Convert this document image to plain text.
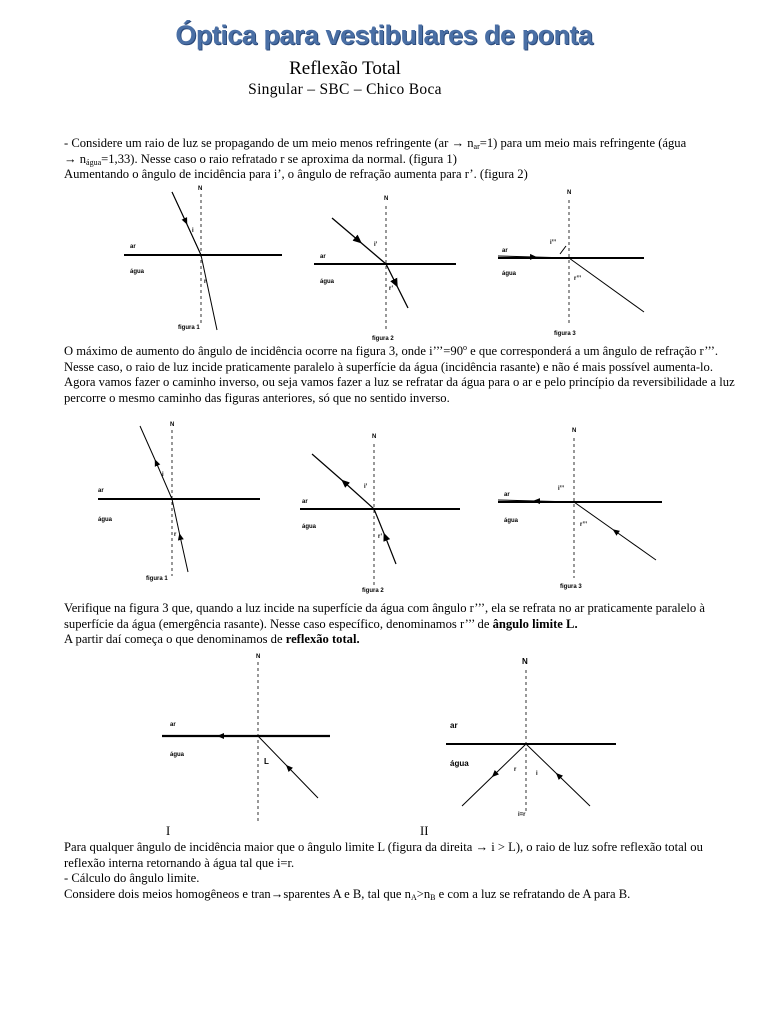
Óptica para vestibulares de ponta
Reflexão Total
Singular – SBC – Chico Boca
- Considere um raio de luz se propagando de um meio menos refringente $(ar \to n_{ar}=1)$ para um meio mais refringente (água
→ $n_{água}=1,33$). Nesse caso o raio refratado r se aproxima da normal. (figura 1)
Aumentando o ângulo de incidência para i’, o ângulo de refração aumenta para r’. (figura 2)
N
ar
água
i
r
figura 1
N
ar
água
i’
r’
figura 2
N
ar
água
i’’’
r’’’
figura 3
O máximo de aumento do ângulo de incidência ocorre na figura 3, onde $i’’’=90^o$ e que corresponderá a um ângulo de refração r’’’. Nesse caso, o raio de luz incide praticamente paralelo à superfície da água (incidência rasante) e não é mais possível aumenta-lo.
Agora vamos fazer o caminho inverso, ou seja vamos fazer a luz se refratar da água para o ar e pelo princípio da reversibilidade a luz percorre o mesmo caminho das figuras anteriores, só que no sentido inverso.
N
ar
água
i
r
figura 1
N
ar
água
i’
r’
figura 2
N
ar
água
i’’’
r’’’
figura 3
Verifique na figura 3 que, quando a luz incide na superfície da água com ângulo r’’’, ela se refrata no ar praticamente paralelo à superfície da água (emergência rasante). Nesse caso específico, denominamos r’’’ de ângulo limite L.
A partir daí começa o que denominamos de reflexão total.
N
ar
água
L
N
ar
água
r
i
i=r
I	II
Para qualquer ângulo de incidência maior que o ângulo limite L (figura da direita → i > L), o raio de luz sofre reflexão total ou reflexão interna retornando à água tal que i=r.
- Cálculo do ângulo limite.
Considere dois meios homogêneos e tran→sparentes A e B, tal que $n_A>n_B$ e com a luz se refratando de A para B.
